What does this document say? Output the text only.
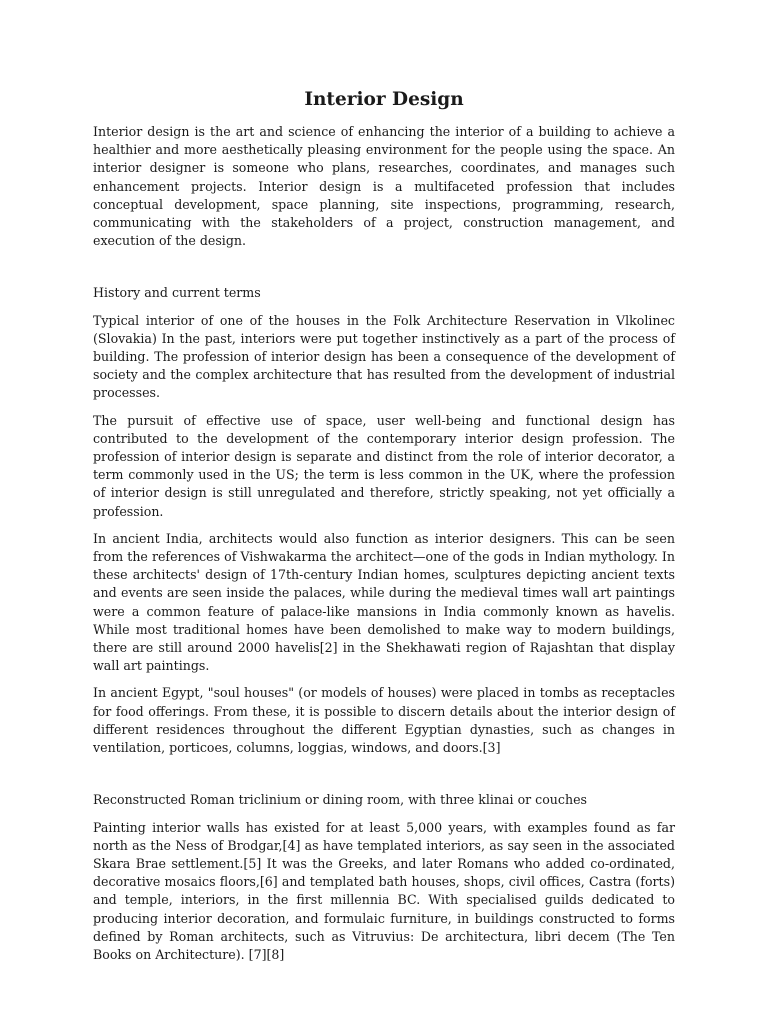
Interior Design

Interior design is the art and science of enhancing the interior of a building to achieve a healthier and more aesthetically pleasing environment for the people using the space. An interior designer is someone who plans, researches, coordinates, and manages such enhancement projects. Interior design is a multifaceted profession that includes conceptual development, space planning, site inspections, programming, research, communicating with the stakeholders of a project, construction management, and execution of the design.

History and current terms

Typical interior of one of the houses in the Folk Architecture Reservation in Vlkolinec (Slovakia) In the past, interiors were put together instinctively as a part of the process of building. The profession of interior design has been a consequence of the development of society and the complex architecture that has resulted from the development of industrial processes.

The pursuit of effective use of space, user well-being and functional design has contributed to the development of the contemporary interior design profession. The profession of interior design is separate and distinct from the role of interior decorator, a term commonly used in the US; the term is less common in the UK, where the profession of interior design is still unregulated and therefore, strictly speaking, not yet officially a profession.

In ancient India, architects would also function as interior designers. This can be seen from the references of Vishwakarma the architect—one of the gods in Indian mythology. In these architects' design of 17th-century Indian homes, sculptures depicting ancient texts and events are seen inside the palaces, while during the medieval times wall art paintings were a common feature of palace-like mansions in India commonly known as havelis. While most traditional homes have been demolished to make way to modern buildings, there are still around 2000 havelis[2] in the Shekhawati region of Rajashtan that display wall art paintings.

In ancient Egypt, "soul houses" (or models of houses) were placed in tombs as receptacles for food offerings. From these, it is possible to discern details about the interior design of different residences throughout the different Egyptian dynasties, such as changes in ventilation, porticoes, columns, loggias, windows, and doors.[3]

Reconstructed Roman triclinium or dining room, with three klinai or couches

Painting interior walls has existed for at least 5,000 years, with examples found as far north as the Ness of Brodgar,[4] as have templated interiors, as say seen in the associated Skara Brae settlement.[5] It was the Greeks, and later Romans who added co-ordinated, decorative mosaics floors,[6] and templated bath houses, shops, civil offices, Castra (forts) and temple, interiors, in the first millennia BC. With specialised guilds dedicated to producing interior decoration, and formulaic furniture, in buildings constructed to forms defined by Roman architects, such as Vitruvius: De architectura, libri decem (The Ten Books on Architecture). [7][8]
